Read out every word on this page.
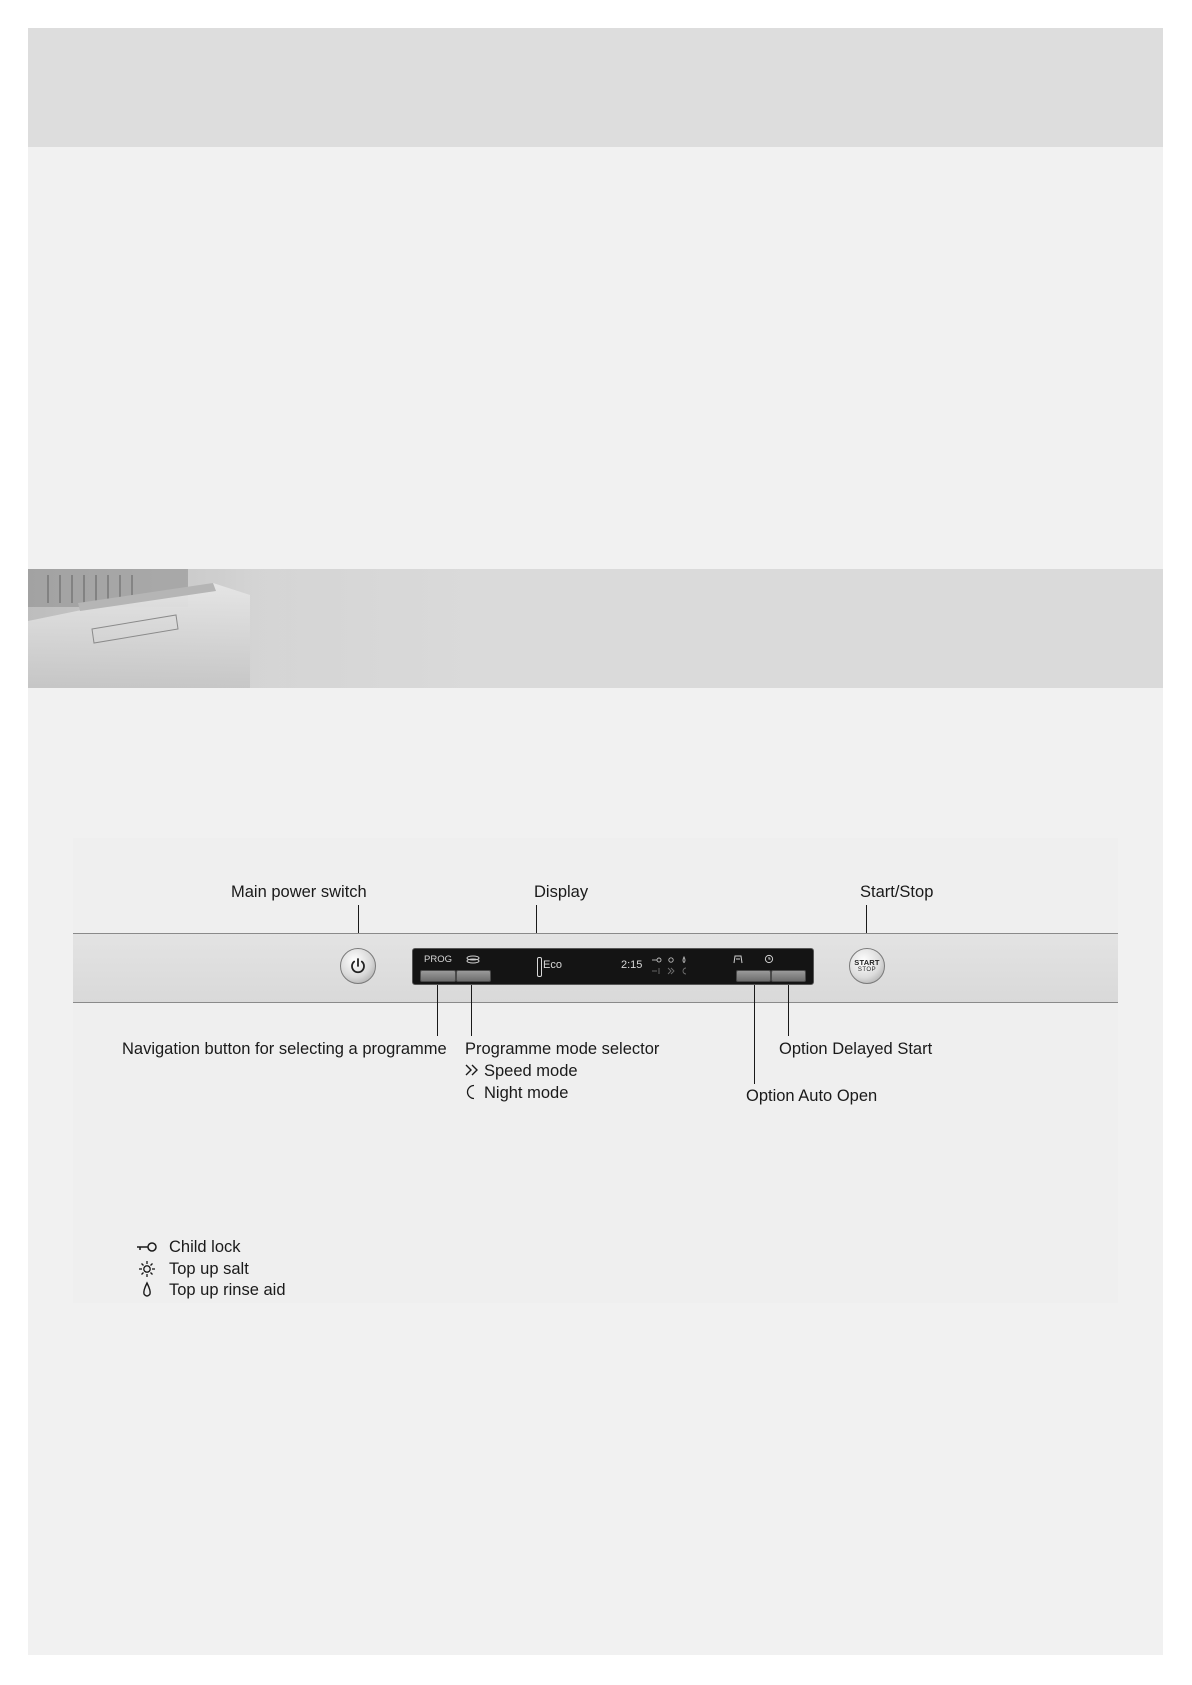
Main power switch	Display	Start/Stop
PROG	Eco	2:15	START
STOP
Navigation button for selecting a programme Programme mode selector
Speed mode
Night mode
Option Delayed Start
Option Auto Open
Child lock
Top up salt
Top up rinse aid
